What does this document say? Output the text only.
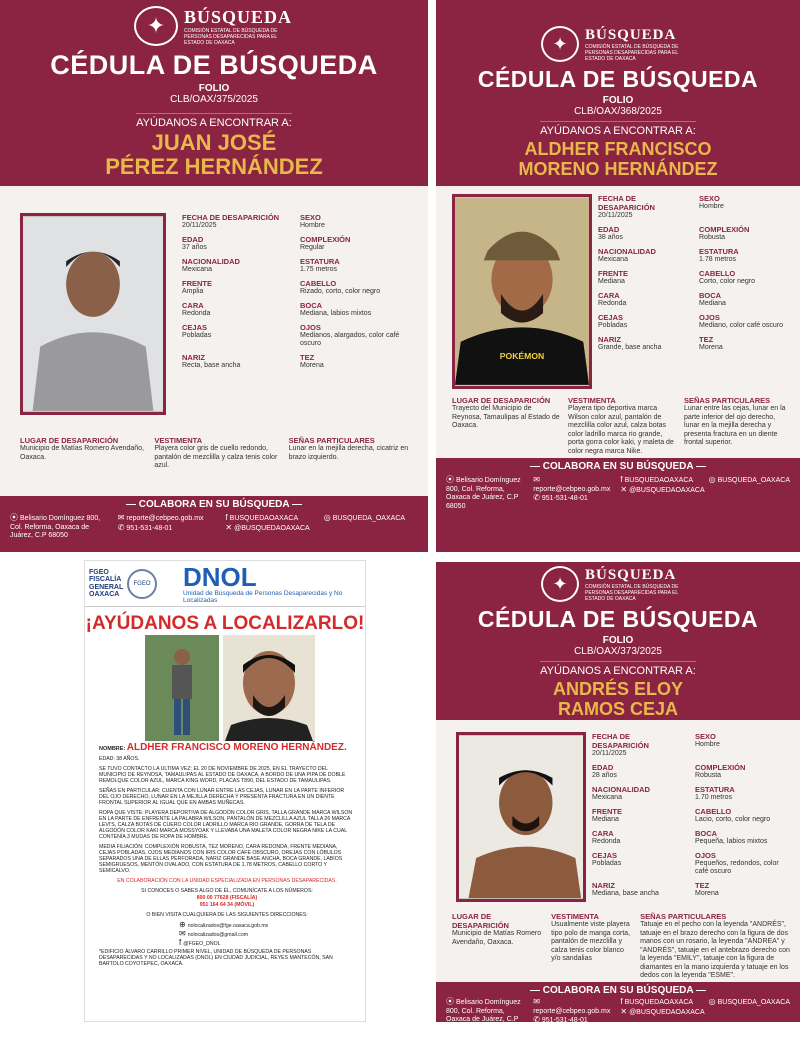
✦	BÚSQUEDA
COMISIÓN ESTATAL DE BÚSQUEDA DE PERSONAS DESAPARECIDAS PARA EL ESTADO DE OAXACA
CÉDULA DE BÚSQUEDA
FOLIO
CLB/OAX/375/2025
AYÚDANOS A ENCONTRAR A:
JUAN JOSÉ
PÉREZ HERNÁNDEZ
FECHA DE DESAPARICIÓN
20/11/2025
SEXO
Hombre
EDAD
37 años
COMPLEXIÓN
Regular
NACIONALIDAD
Mexicana
ESTATURA
1.75 metros
FRENTE
Amplia
CABELLO
Rizado, corto, color negro
CARA
Redonda
BOCA
Mediana, labios mixtos
CEJAS
Pobladas
OJOS
Medianos, alargados, color café oscuro
NARIZ
Recta, base ancha
TEZ
Morena
LUGAR DE DESAPARICIÓN
Municipio de Matías Romero Avendaño, Oaxaca.
VESTIMENTA
Playera color gris de cuello redondo, pantalón de mezclilla y calza tenis color azul.
SEÑAS PARTICULARES
Lunar en la mejilla derecha, cicatriz en brazo izquierdo.
— COLABORA EN SU BÚSQUEDA —
⦿ Belisario Domínguez 800, Col. Reforma, Oaxaca de Juárez, C.P 68050
✉ reporte@cebpeo.gob.mx
✆ 951-531-48-01
f BUSQUEDAOAXACA
✕ @BUSQUEDAOAXACA
◎ BUSQUEDA_OAXACA
✦	BÚSQUEDA
COMISIÓN ESTATAL DE BÚSQUEDA DE PERSONAS DESAPARECIDAS PARA EL ESTADO DE OAXACA
CÉDULA DE BÚSQUEDA
FOLIO
CLB/OAX/368/2025
AYÚDANOS A ENCONTRAR A:
ALDHER FRANCISCO
MORENO HERNÁNDEZ
POKÉMON
FECHA DE DESAPARICIÓN
20/11/2025
SEXO
Hombre
EDAD
38 años
COMPLEXIÓN
Robusta
NACIONALIDAD
Mexicana
ESTATURA
1.78 metros
FRENTE
Mediana
CABELLO
Corto, color negro
CARA
Redonda
BOCA
Mediana
CEJAS
Pobladas
OJOS
Mediano, color café oscuro
NARIZ
Grande, base ancha
TEZ
Morena
LUGAR DE DESAPARICIÓN
Trayecto del Municipio de Reynosa, Tamaulipas al Estado de Oaxaca.
VESTIMENTA
Playera tipo deportiva marca Wilson color azul, pantalón de mezclilla color azul, calza botas color ladrillo marca rio grande, porta gorra color kaki, y maleta de color negra marca Nike.
SEÑAS PARTICULARES
Lunar entre las cejas, lunar en la parte inferior del ojo derecho, lunar en la mejilla derecha y presenta fractura en un diente frontal superior.
— COLABORA EN SU BÚSQUEDA —
⦿ Belisario Domínguez 800, Col. Reforma, Oaxaca de Juárez, C.P 68050
✉reporte@cebpeo.gob.mx
✆ 951-531-48-01
f BUSQUEDAOAXACA
✕ @BUSQUEDAOAXACA
◎ BUSQUEDA_OAXACA
FGEO FISCALÍA GENERAL OAXACA
FGEO DNOL
Unidad de Búsqueda de Personas Desaparecidas y No Localizadas
¡AYÚDANOS A LOCALIZARLO!

NOMBRE: ALDHER FRANCISCO MORENO HERNÁNDEZ.

EDAD: 38 AÑOS.

SE TUVO CONTACTO LA ULTIMA VEZ: EL 20 DE NOVIEMBRE DE 2025, EN EL TRAYECTO DEL MUNICIPIO DE REYNOSA, TAMAULIPAS AL ESTADO DE OAXACA, A BORDO DE UNA PIPA DE DOBLE REMOLQUE COLOR AZUL, MARCA KING WORD, PLACAS T890, DEL ESTADO DE TAMAULIPAS.

SEÑAS EN PARTICULAR: CUENTA CON LUNAR ENTRE LAS CEJAS, LUNAR EN LA PARTE INFERIOR DEL OJO DERECHO, LUNAR EN LA MEJILLA DERECHA Y PRESENTA FRACTURA EN UN DIENTE FRONTAL SUPERIOR AL IGUAL QUE EN AMBAS MUÑECAS.

ROPA QUE VISTE: PLAYERA DEPORTIVA DE ALGODÓN COLOR GRIS, TALLA GRANDE MARCA WILSON EN LA PARTE DE ENFRENTE LA PALABRA WILSON, PANTALÓN DE MEZCLILLA AZUL TALLA 26 MARCA LEVI'S, CALZA BOTAS DE CUERO COLOR LADRILLO MARCA RIO GRANDE, GORRA DE TELA DE ALGODÓN COLOR KAKI MARCA MOSSYOAK Y LLEVABA UNA MALETA COLOR NEGRA NIKE LA CUAL CONTENÍA 3 MUDAS DE ROPA DE HOMBRE.

MEDIA FILIACIÓN: COMPLEXIÓN ROBUSTA, TEZ MORENO, CARA REDONDA, FRENTE MEDIANA, CEJAS POBLADAS, OJOS MEDIANOS CON IRIS COLOR CAFÉ OBSCURO, OREJAS CON LÓBULOS SEPARADOS UNA DE ELLAS PERFORADA, NARIZ GRANDE BASE ANCHA, BOCA GRANDE, LABIOS SEMIGRUESOS, MENTÓN OVALADO, CON ESTATURA DE 1.78 METROS, CABELLO CORTO Y SEMICALVO.

EN COLABORACIÓN CON LA UNIDAD ESPECIALIZADA EN PERSONAS DESAPARECIDAS.

SI CONOCES O SABES ALGO DE ÉL, COMUNÍCATE A LOS NÚMEROS:

800 00 77628 (FISCALÍA)

951 164 64 34 (MÓVIL)

O BIEN VISITA CUALQUIERA DE LAS SIGUIENTES DIRECCIONES:

⊕ nolocalizados@fge.oaxaca.gob.mx

✉ nolocalizados@gmail.com

f @FGEO_DNOL

*EDIFICIO ÁLVARO CARRILLO PRIMER NIVEL, UNIDAD DE BÚSQUEDA DE PERSONAS DESAPARECIDAS Y NO LOCALIZADAS (DNOL) EN CIUDAD JUDICIAL, REYES MANTECÓN, SAN BARTOLO COYOTEPEC, OAXACA.

✦	BÚSQUEDA
COMISIÓN ESTATAL DE BÚSQUEDA DE PERSONAS DESAPARECIDAS PARA EL ESTADO DE OAXACA
CÉDULA DE BÚSQUEDA
FOLIO
CLB/OAX/373/2025
AYÚDANOS A ENCONTRAR A:
ANDRÉS ELOY
RAMOS CEJA
FECHA DE DESAPARICIÓN
20/11/2025
SEXO
Hombre
EDAD
28 años
COMPLEXIÓN
Robusta
NACIONALIDAD
Mexicana
ESTATURA
1.70 metros
FRENTE
Mediana
CABELLO
Lacio, corto, color negro
CARA
Redonda
BOCA
Pequeña, labios mixtos
CEJAS
Pobladas
OJOS
Pequeños, redondos, color café oscuro
NARIZ
Mediana, base ancha
TEZ
Morena
LUGAR DE DESAPARICIÓN
Municipio de Matías Romero Avendaño, Oaxaca.
VESTIMENTA
Usualmente viste playera tipo polo de manga corta, pantalón de mezclilla y calza tenis color blanco y/o sandalias
SEÑAS PARTICULARES
Tatuaje en el pecho con la leyenda "ANDRÉS", tatuaje en el brazo derecho con la figura de dos manos con un rosario, la leyenda "ANDREA" y "ANDRÉS", tatuaje en el antebrazo derecho con la leyenda "EMILY", tatuaje con la figura de diamantes en la mano izquierda y tatuaje en los dedos con la leyenda "ESME".
— COLABORA EN SU BÚSQUEDA —
⦿ Belisario Domínguez 800, Col. Reforma, Oaxaca de Juárez, C.P 68050
✉reporte@cebpeo.gob.mx
✆ 951-531-48-01
f BUSQUEDAOAXACA
✕ @BUSQUEDAOAXACA
◎ BUSQUEDA_OAXACA
